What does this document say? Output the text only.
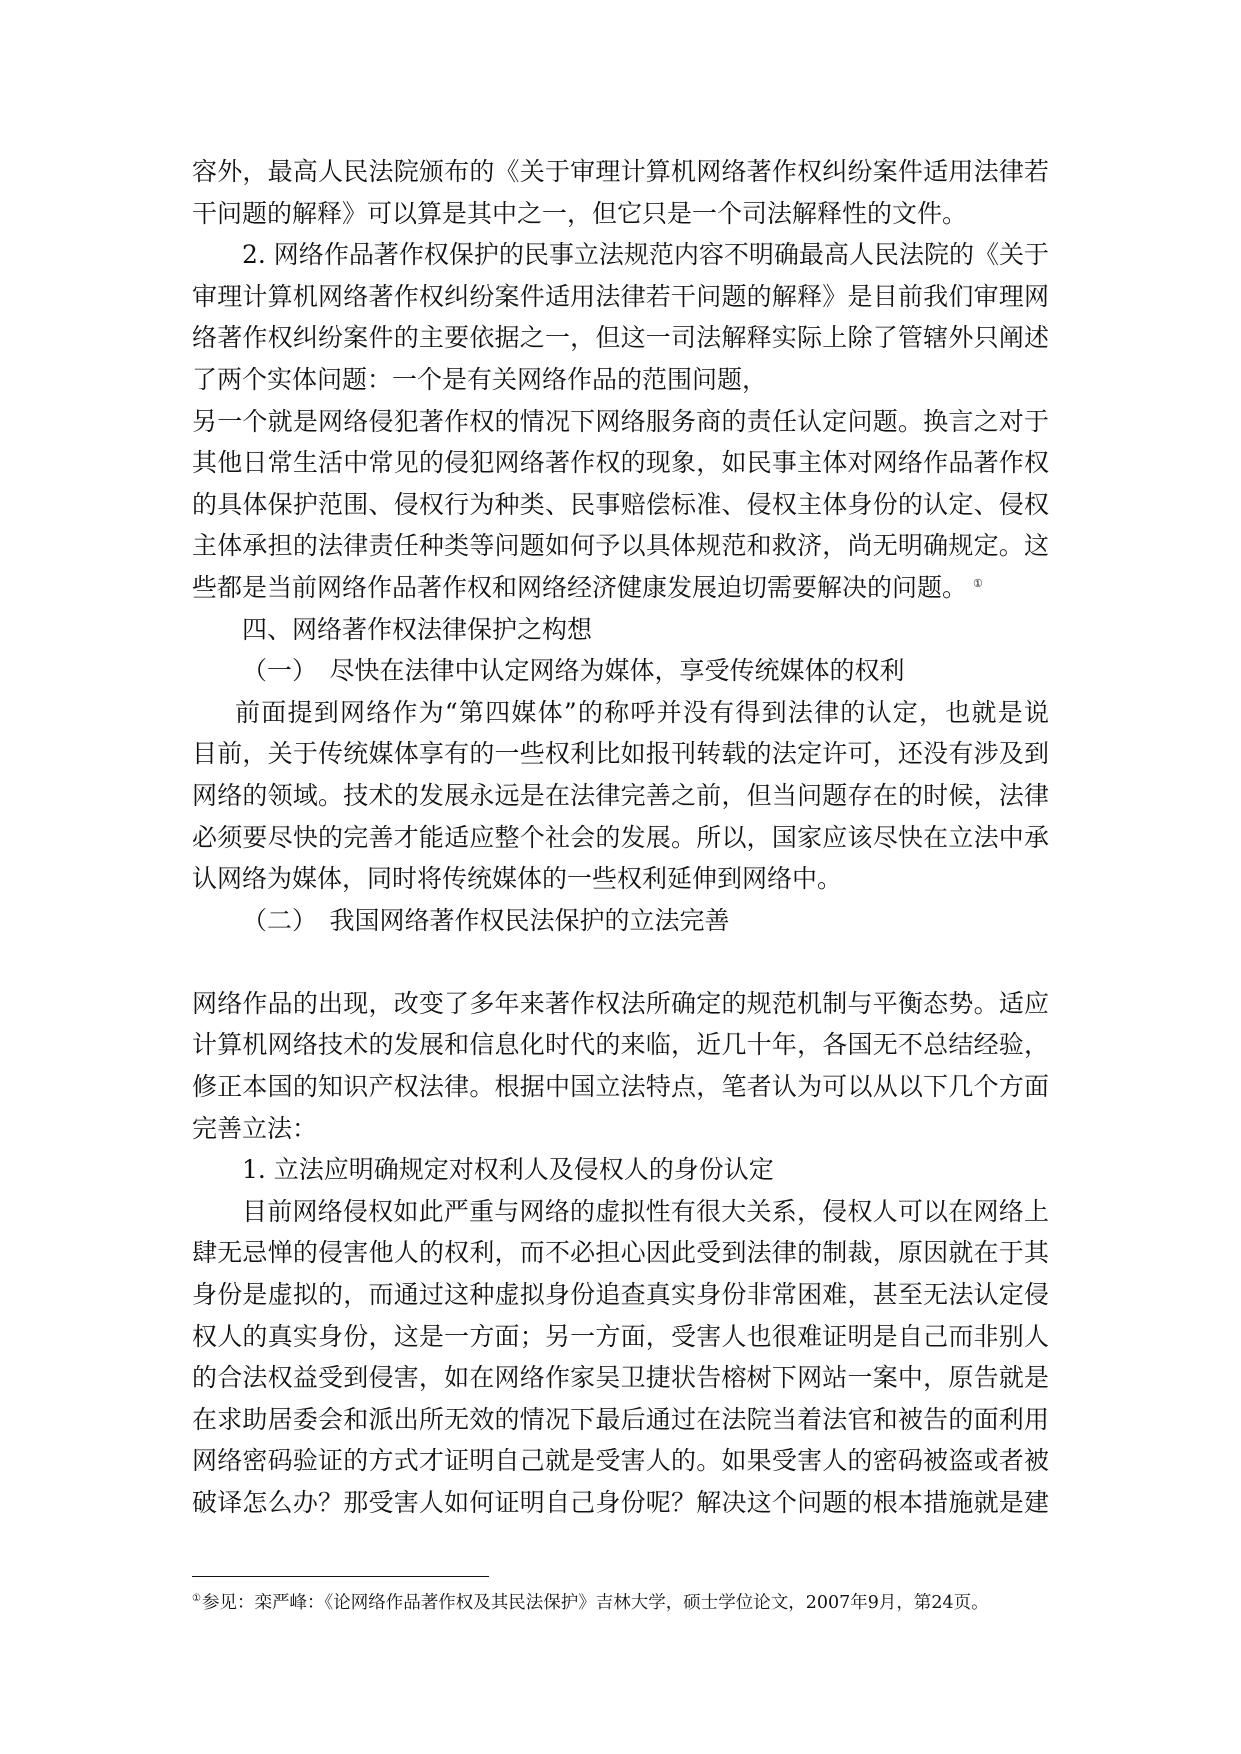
容外，最高人民法院颁布的《关于审理计算机网络著作权纠纷案件适用法律若
干问题的解释》可以算是其中之一，但它只是一个司法解释性的文件。
2. 网络作品著作权保护的民事立法规范内容不明确最高人民法院的《关于
审理计算机网络著作权纠纷案件适用法律若干问题的解释》是目前我们审理网
络著作权纠纷案件的主要依据之一，但这一司法解释实际上除了管辖外只阐述
了两个实体问题：一个是有关网络作品的范围问题，
另一个就是网络侵犯著作权的情况下网络服务商的责任认定问题。换言之对于
其他日常生活中常见的侵犯网络著作权的现象，如民事主体对网络作品著作权
的具体保护范围、侵权行为种类、民事赔偿标准、侵权主体身份的认定、侵权
主体承担的法律责任种类等问题如何予以具体规范和救济，尚无明确规定。这
些都是当前网络作品著作权和网络经济健康发展迫切需要解决的问题。 ①
四、网络著作权法律保护之构想
（一）　尽快在法律中认定网络为媒体，享受传统媒体的权利
前面提到网络作为“第四媒体”的称呼并没有得到法律的认定，也就是说
目前，关于传统媒体享有的一些权利比如报刊转载的法定许可，还没有涉及到
网络的领域。技术的发展永远是在法律完善之前，但当问题存在的时候，法律
必须要尽快的完善才能适应整个社会的发展。所以，国家应该尽快在立法中承
认网络为媒体，同时将传统媒体的一些权利延伸到网络中。
（二）　我国网络著作权民法保护的立法完善
网络作品的出现，改变了多年来著作权法所确定的规范机制与平衡态势。适应
计算机网络技术的发展和信息化时代的来临，近几十年，各国无不总结经验，
修正本国的知识产权法律。根据中国立法特点，笔者认为可以从以下几个方面
完善立法：
1. 立法应明确规定对权利人及侵权人的身份认定
目前网络侵权如此严重与网络的虚拟性有很大关系，侵权人可以在网络上
肆无忌惮的侵害他人的权利，而不必担心因此受到法律的制裁，原因就在于其
身份是虚拟的，而通过这种虚拟身份追查真实身份非常困难，甚至无法认定侵
权人的真实身份，这是一方面；另一方面，受害人也很难证明是自己而非别人
的合法权益受到侵害，如在网络作家吴卫捷状告榕树下网站一案中，原告就是
在求助居委会和派出所无效的情况下最后通过在法院当着法官和被告的面利用
网络密码验证的方式才证明自己就是受害人的。如果受害人的密码被盗或者被
破译怎么办？那受害人如何证明自己身份呢？解决这个问题的根本措施就是建
①参见：栾严峰：《论网络作品著作权及其民法保护》吉林大学，硕士学位论文，2007年9月，第24页。
